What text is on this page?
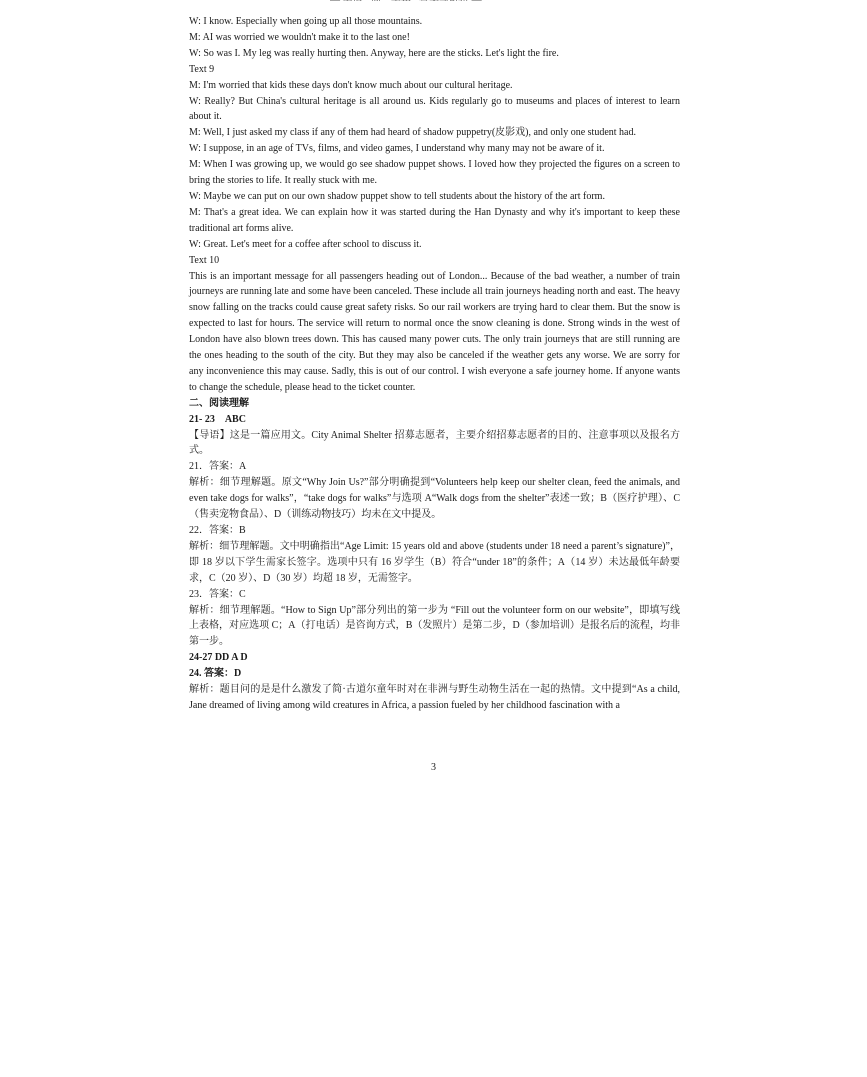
W: I know. Especially when going up all those mountains.

M: AI was worried we wouldn't make it to the last one!

W: So was I. My leg was really hurting then. Anyway, here are the sticks. Let's light the fire.

Text 9

M: I'm worried that kids these days don't know much about our cultural heritage.

W: Really? But China's cultural heritage is all around us. Kids regularly go to museums and places of interest to learn about it.

M: Well, I just asked my class if any of them had heard of shadow puppetry(皮影戏), and only one student had.

W: I suppose, in an age of TVs, films, and video games, I understand why many may not be aware of it.

M: When I was growing up, we would go see shadow puppet shows. I loved how they projected the figures on a screen to bring the stories to life. It really stuck with me.

W: Maybe we can put on our own shadow puppet show to tell students about the history of the art form.

M: That's a great idea. We can explain how it was started during the Han Dynasty and why it's important to keep these traditional art forms alive.

W: Great. Let's meet for a coffee after school to discuss it.

Text 10

This is an important message for all passengers heading out of London... Because of the bad weather, a number of train journeys are running late and some have been canceled. These include all train journeys heading north and east. The heavy snow falling on the tracks could cause great safety risks. So our rail workers are trying hard to clear them. But the snow is expected to last for hours. The service will return to normal once the snow cleaning is done. Strong winds in the west of London have also blown trees down. This has caused many power cuts. The only train journeys that are still running are the ones heading to the south of the city. But they may also be canceled if the weather gets any worse. We are sorry for any inconvenience this may cause. Sadly, this is out of our control. I wish everyone a safe journey home. If anyone wants to change the schedule, please head to the ticket counter.

二、阅读理解

21- 23　ABC

【导语】这是一篇应用文。City Animal Shelter 招募志愿者，主要介绍招募志愿者的目的、注意事项以及报名方式。

21．答案：A

解析：细节理解题。原文“Why Join Us?”部分明确提到“Volunteers help keep our shelter clean, feed the animals, and even take dogs for walks”，“take dogs for walks”与选项 A“Walk dogs from the shelter”表述一致；B（医疗护理）、C（售卖宠物食品）、D（训练动物技巧）均未在文中提及。

22．答案：B

解析：细节理解题。文中明确指出“Age Limit: 15 years old and above (students under 18 need a parent’s signature)”，即 18 岁以下学生需家长签字。选项中只有 16 岁学生（B）符合“under 18”的条件；A（14 岁）未达最低年龄要求，C（20 岁）、D（30 岁）均超 18 岁，无需签字。

23．答案：C

解析：细节理解题。“How to Sign Up”部分列出的第一步为 “Fill out the volunteer form on our website”，即填写线上表格，对应选项 C；A（打电话）是咨询方式，B（发照片）是第二步，D（参加培训）是报名后的流程，均非第一步。

24-27 DD A D

24. 答案：D

解析：题目问的是是什么激发了简·古道尔童年时对在非洲与野生动物生活在一起的热情。文中提到“As a child, Jane dreamed of living among wild creatures in Africa, a passion fueled by her childhood fascination with a

3
